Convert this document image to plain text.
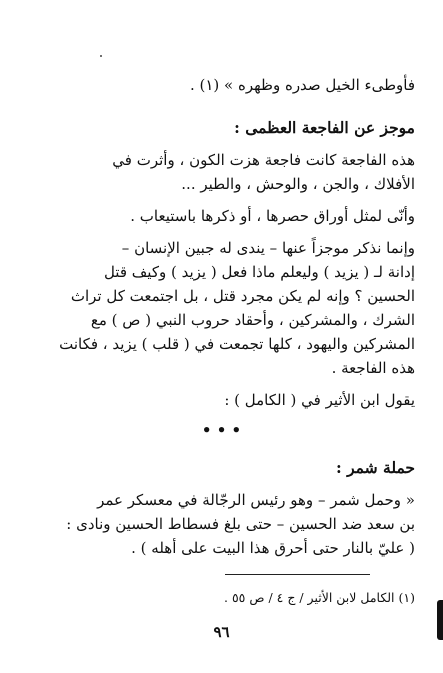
فأوطىء الخيل صدره وظهره » (١) .
موجز عن الفاجعة العظمى :
هذه الفاجعة كانت فاجعة هزت الكون ، وأثرت في
الأفلاك ، والجن ، والوحش ، والطير ...
وأنّى لمثل أوراق حصرها ، أو ذكرها باستيعاب .
وإنما نذكر موجزاً عنها – يندى له جبين الإنسان –
إدانة لـ ( يزيد ) وليعلم ماذا فعل ( يزيد ) وكيف قتل
الحسين ؟ وإنه لم يكن مجرد قتل ، بل اجتمعت كل تراث
الشرك ، والمشركين ، وأحقاد حروب النبي ( ص ) مع
المشركين واليهود ، كلها تجمعت في ( قلب ) يزيد ، فكانت
هذه الفاجعة .
يقول ابن الأثير في ( الكامل ) :
• • •
حملة شمر :
« وحمل شمر – وهو رئيس الرجّالة في معسكر عمر
بن سعد ضد الحسين – حتى بلغ فسطاط الحسين ونادى :
( عليّ بالنار حتى أحرق هذا البيت على أهله ) .
(١) الكامل لابن الأثير / ج ٤ / ص ٥٥ .
٩٦
